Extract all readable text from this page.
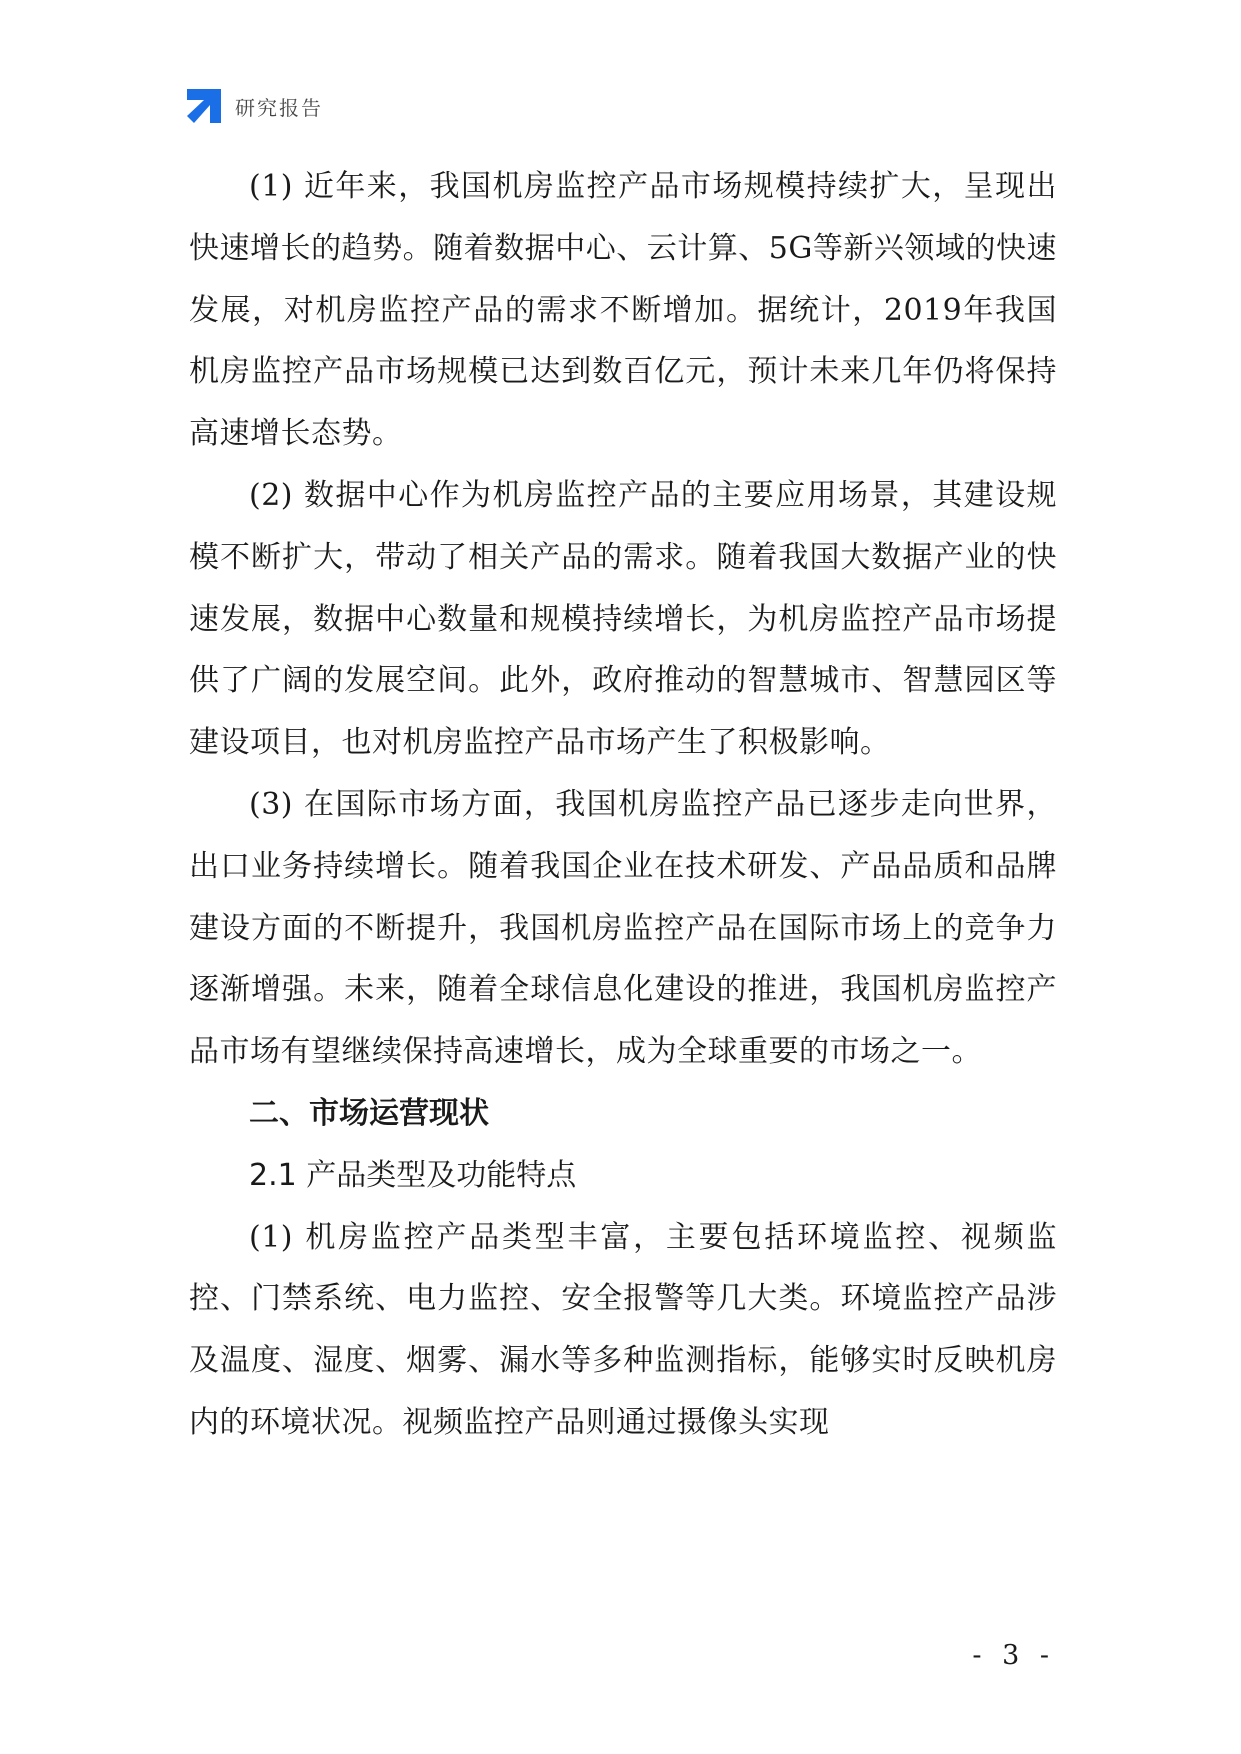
研究报告

(1) 近年来，我国机房监控产品市场规模持续扩大，呈现出快速增长的趋势。随着数据中心、云计算、5G等新兴领域的快速发展，对机房监控产品的需求不断增加。据统计，2019年我国机房监控产品市场规模已达到数百亿元，预计未来几年仍将保持高速增长态势。

(2) 数据中心作为机房监控产品的主要应用场景，其建设规模不断扩大，带动了相关产品的需求。随着我国大数据产业的快速发展，数据中心数量和规模持续增长，为机房监控产品市场提供了广阔的发展空间。此外，政府推动的智慧城市、智慧园区等建设项目，也对机房监控产品市场产生了积极影响。

(3) 在国际市场方面，我国机房监控产品已逐步走向世界，出口业务持续增长。随着我国企业在技术研发、产品品质和品牌建设方面的不断提升，我国机房监控产品在国际市场上的竞争力逐渐增强。未来，随着全球信息化建设的推进，我国机房监控产品市场有望继续保持高速增长，成为全球重要的市场之一。

二、市场运营现状

2.1 产品类型及功能特点

(1) 机房监控产品类型丰富，主要包括环境监控、视频监控、门禁系统、电力监控、安全报警等几大类。环境监控产品涉及温度、湿度、烟雾、漏水等多种监测指标，能够实时反映机房内的环境状况。视频监控产品则通过摄像头实现

- 3 -
